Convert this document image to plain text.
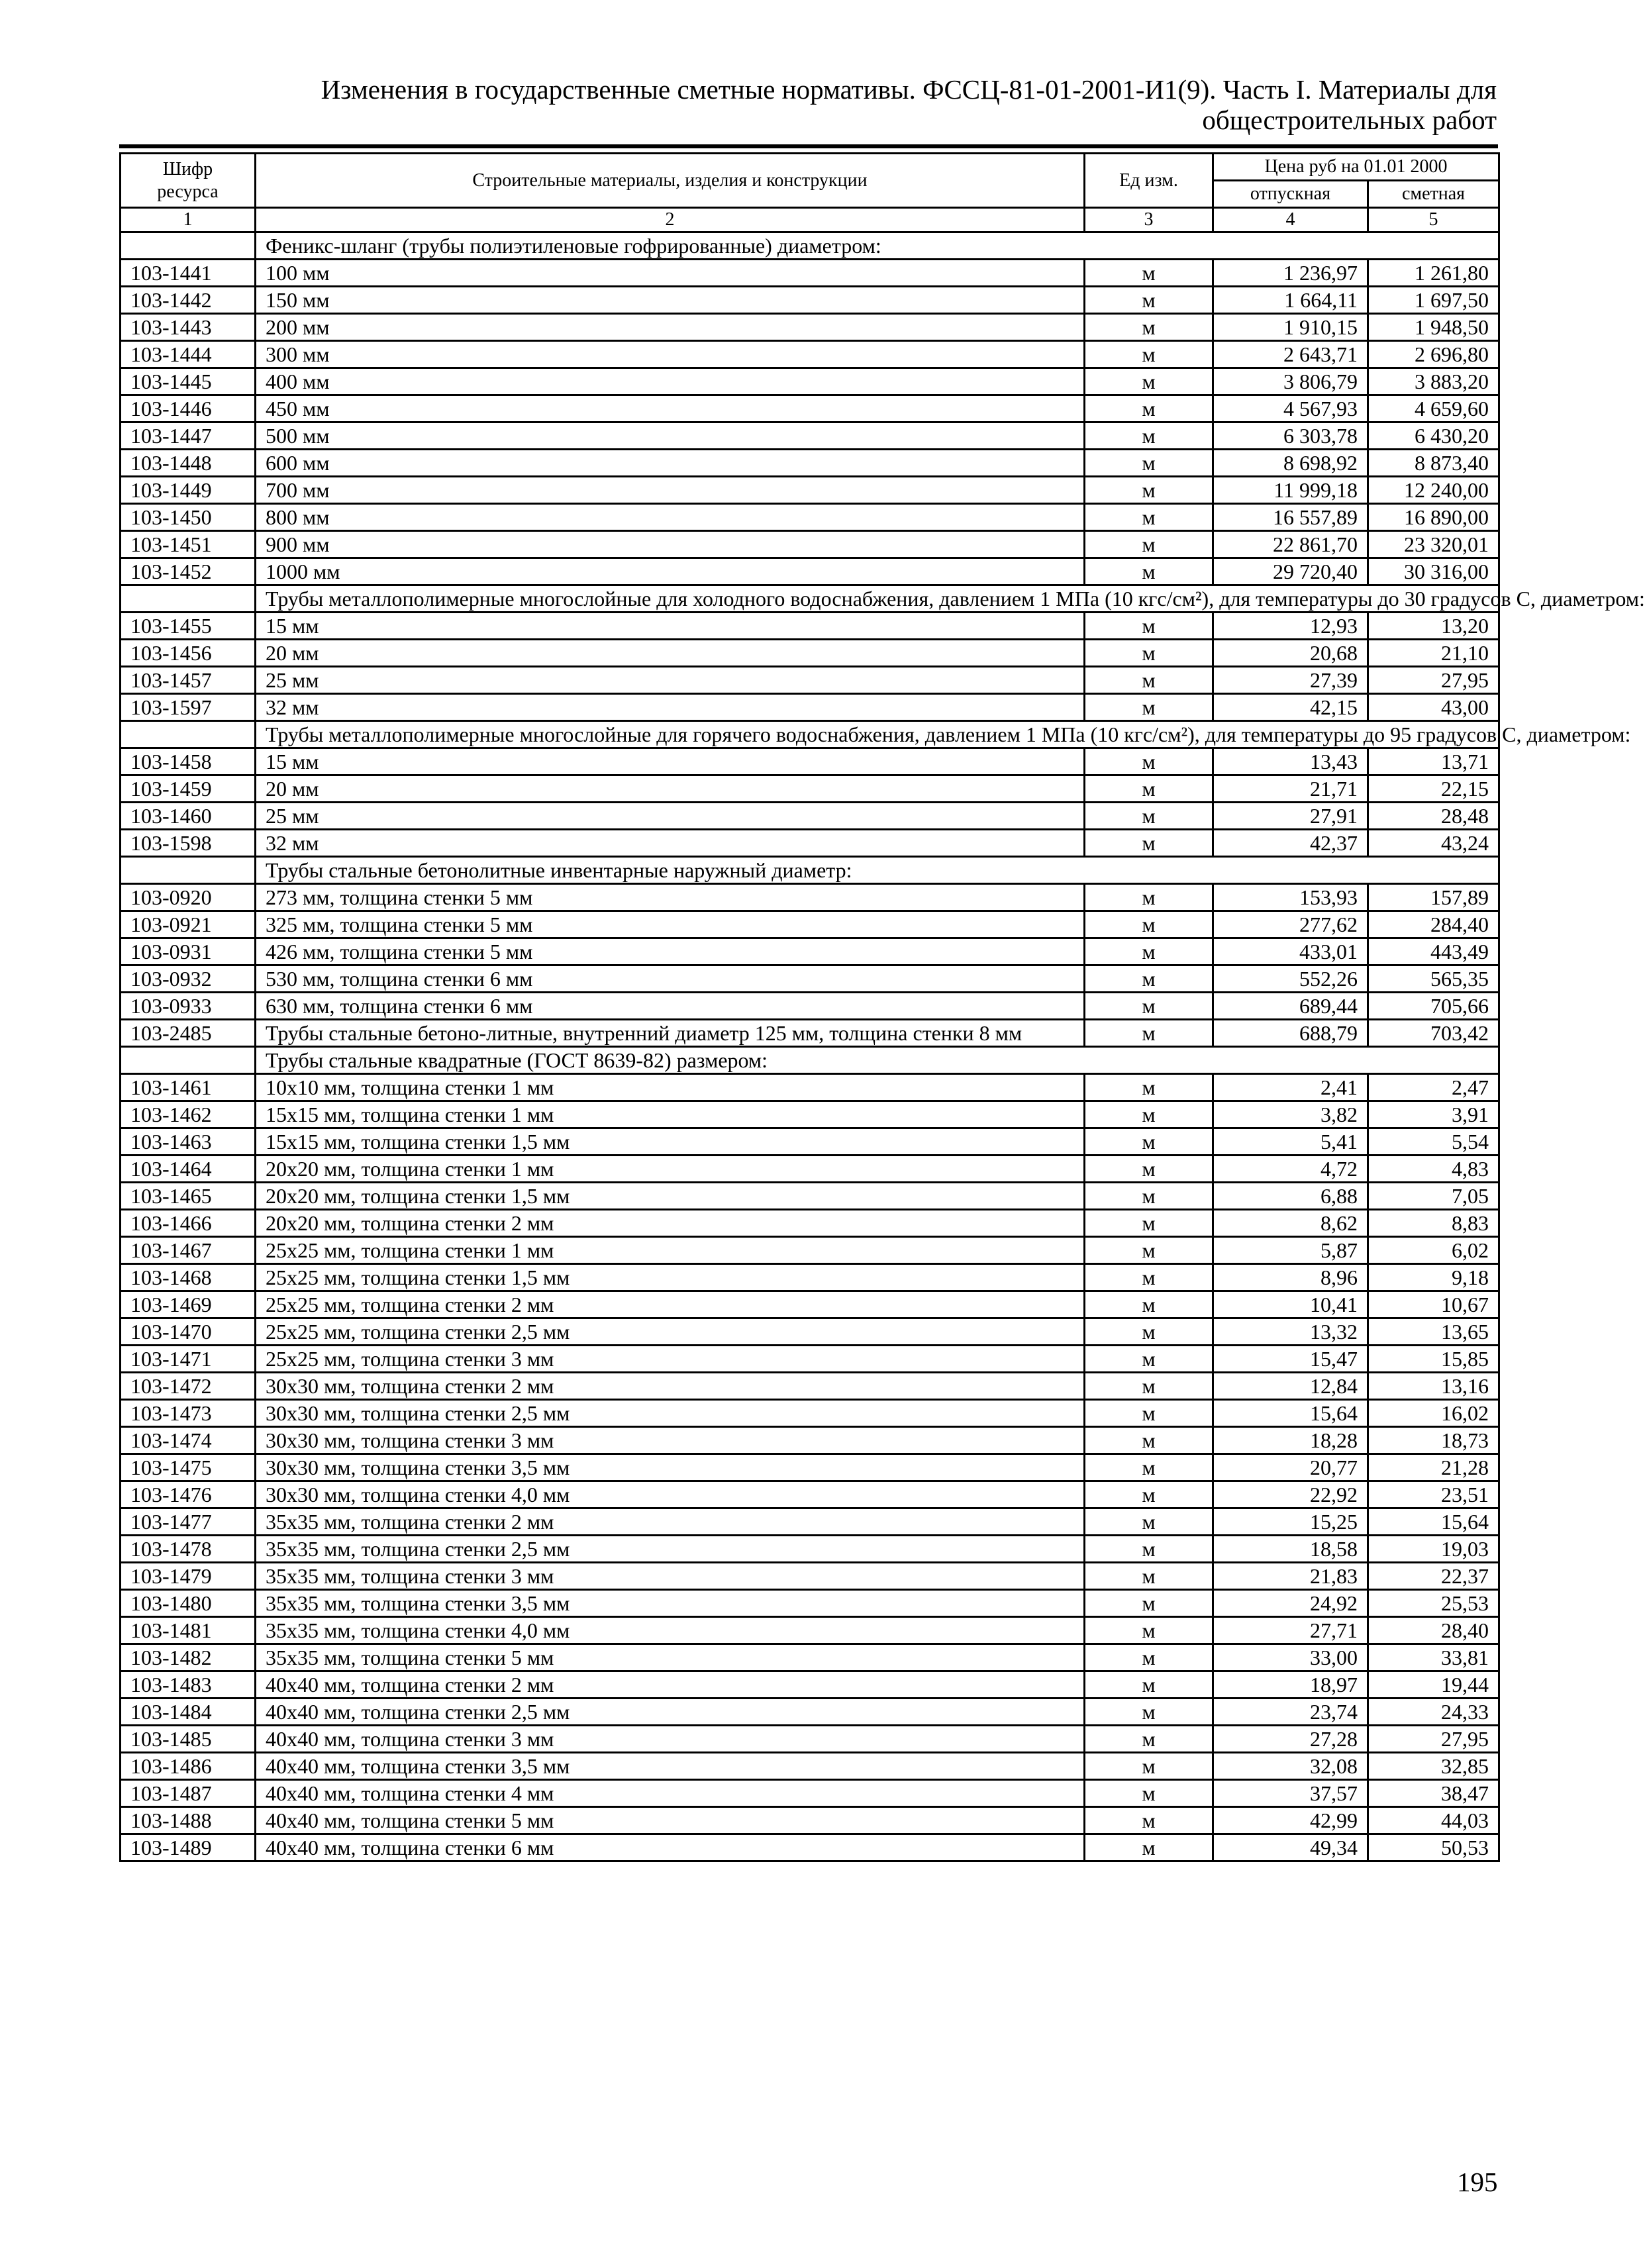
Изменения в государственные сметные нормативы. ФССЦ-81-01-2001-И1(9). Часть I. Материалы для
общестроительных работ
Шифр ресурса	Строительные материалы, изделия и конструкции	Ед изм.	Цена руб на 01.01 2000	
			отпускная	сметная
1	2	3	4	5
	Феникс-шланг (трубы полиэтиленовые гофрированные) диаметром:			
103-1441	100 мм	м	1 236,97	1 261,80
103-1442	150 мм	м	1 664,11	1 697,50
103-1443	200 мм	м	1 910,15	1 948,50
103-1444	300 мм	м	2 643,71	2 696,80
103-1445	400 мм	м	3 806,79	3 883,20
103-1446	450 мм	м	4 567,93	4 659,60
103-1447	500 мм	м	6 303,78	6 430,20
103-1448	600 мм	м	8 698,92	8 873,40
103-1449	700 мм	м	11 999,18	12 240,00
103-1450	800 мм	м	16 557,89	16 890,00
103-1451	900 мм	м	22 861,70	23 320,01
103-1452	1000 мм	м	29 720,40	30 316,00
	Трубы металлополимерные многослойные для холодного водоснабжения, давлением 1 МПа (10 кгс/см²), для температуры до 30 градусов С, диаметром:			
103-1455	15 мм	м	12,93	13,20
103-1456	20 мм	м	20,68	21,10
103-1457	25 мм	м	27,39	27,95
103-1597	32 мм	м	42,15	43,00
	Трубы металлополимерные многослойные для горячего водоснабжения, давлением 1 МПа (10 кгс/см²), для температуры до 95 градусов С, диаметром:			
103-1458	15 мм	м	13,43	13,71
103-1459	20 мм	м	21,71	22,15
103-1460	25 мм	м	27,91	28,48
103-1598	32 мм	м	42,37	43,24
	Трубы стальные бетонолитные инвентарные наружный диаметр:			
103-0920	273 мм, толщина стенки 5 мм	м	153,93	157,89
103-0921	325 мм, толщина стенки 5 мм	м	277,62	284,40
103-0931	426 мм, толщина стенки 5 мм	м	433,01	443,49
103-0932	530 мм, толщина стенки 6 мм	м	552,26	565,35
103-0933	630 мм, толщина стенки 6 мм	м	689,44	705,66
103-2485	Трубы стальные бетоно-литные, внутренний диаметр 125 мм, толщина стенки 8 мм	м	688,79	703,42
	Трубы стальные квадратные (ГОСТ 8639-82) размером:			
103-1461	10х10 мм, толщина стенки 1 мм	м	2,41	2,47
103-1462	15х15 мм, толщина стенки 1 мм	м	3,82	3,91
103-1463	15х15 мм, толщина стенки 1,5 мм	м	5,41	5,54
103-1464	20х20 мм, толщина стенки 1 мм	м	4,72	4,83
103-1465	20х20 мм, толщина стенки 1,5 мм	м	6,88	7,05
103-1466	20х20 мм, толщина стенки 2 мм	м	8,62	8,83
103-1467	25х25 мм, толщина стенки 1 мм	м	5,87	6,02
103-1468	25х25 мм, толщина стенки 1,5 мм	м	8,96	9,18
103-1469	25х25 мм, толщина стенки 2 мм	м	10,41	10,67
103-1470	25х25 мм, толщина стенки 2,5 мм	м	13,32	13,65
103-1471	25х25 мм, толщина стенки 3 мм	м	15,47	15,85
103-1472	30х30 мм, толщина стенки 2 мм	м	12,84	13,16
103-1473	30х30 мм, толщина стенки 2,5 мм	м	15,64	16,02
103-1474	30х30 мм, толщина стенки 3 мм	м	18,28	18,73
103-1475	30х30 мм, толщина стенки 3,5 мм	м	20,77	21,28
103-1476	30х30 мм, толщина стенки 4,0 мм	м	22,92	23,51
103-1477	35х35 мм, толщина стенки 2 мм	м	15,25	15,64
103-1478	35х35 мм, толщина стенки 2,5 мм	м	18,58	19,03
103-1479	35х35 мм, толщина стенки 3 мм	м	21,83	22,37
103-1480	35х35 мм, толщина стенки 3,5 мм	м	24,92	25,53
103-1481	35х35 мм, толщина стенки 4,0 мм	м	27,71	28,40
103-1482	35х35 мм, толщина стенки 5 мм	м	33,00	33,81
103-1483	40х40 мм, толщина стенки 2 мм	м	18,97	19,44
103-1484	40х40 мм, толщина стенки 2,5 мм	м	23,74	24,33
103-1485	40х40 мм, толщина стенки 3 мм	м	27,28	27,95
103-1486	40х40 мм, толщина стенки 3,5 мм	м	32,08	32,85
103-1487	40х40 мм, толщина стенки 4 мм	м	37,57	38,47
103-1488	40х40 мм, толщина стенки 5 мм	м	42,99	44,03
103-1489	40х40 мм, толщина стенки 6 мм	м	49,34	50,53
195
